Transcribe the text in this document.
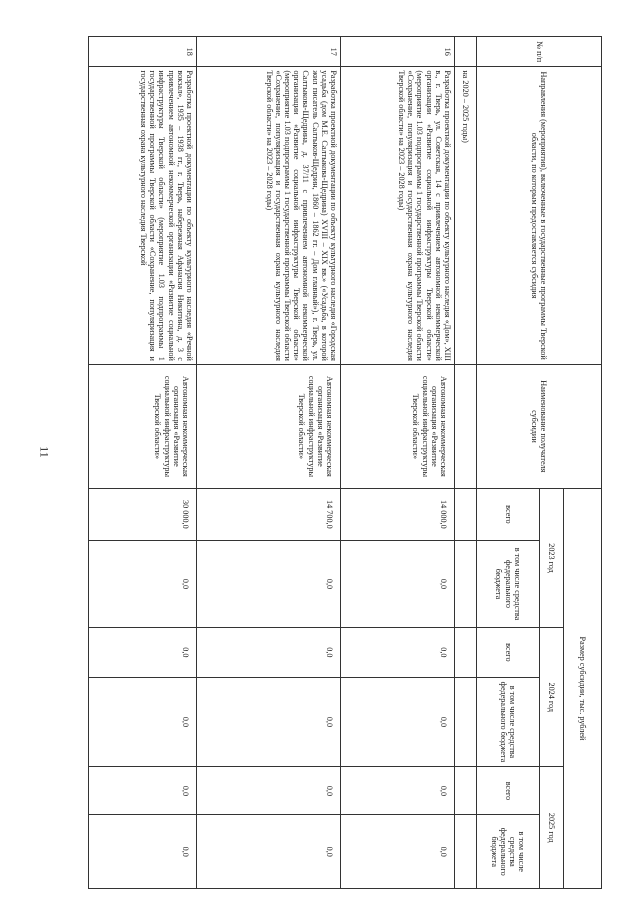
11
№ п/п	Направления (мероприятия), включенные в государственные программы Тверской области, по которым предоставляется субсидия	Наименование получателя субсидии	Размер субсидии, тыс. рублей					
			2023 год		2024 год		2025 год	
			всего	в том числе средства федерального бюджета	всего	в том числе средства федерального бюджета	всего	в том числе средства федерального бюджета
	на 2020 – 2025 годы)							
16	Разработка проектной документации по объекту культурного наследия «Дом», XIII в., г. Тверь, ул. Советская, 14 с привлечением автономной некоммерческой организации «Развитие социальной инфраструктуры Тверской области» (мероприятие 1.03 подпрограммы 1 государственной программы Тверской области «Сохранение, популяризация и государственная охрана культурного наследия Тверской области» на 2023 – 2028 годы)	Автономная некоммерческая организация «Развитие социальной инфраструктуры Тверской области»	14 000,0	0,0	0,0	0,0	0,0	0,0
17	Разработка проектной документации по объекту культурного наследия «Городская усадьба (дом М.Е. Салтыкова-Щедрина) XVIII – XIX вв.» («Усадьба, в которой жил писатель Салтыков-Щедрин, 1860 – 1862 гг. – Дом главный»), г. Тверь, ул. Салтыкова-Щедрина, д. 37/11 с привлечением автономной некоммерческой организации «Развитие социальной инфраструктуры Тверской области» (мероприятие 1.03 подпрограммы 1 государственной программы Тверской области «Сохранение, популяризация и государственная охрана культурного наследия Тверской области» на 2023 – 2028 годы)	Автономная некоммерческая организация «Развитие социальной инфраструктуры Тверской области»	14 700,0	0,0	0,0	0,0	0,0	0,0
18	Разработка проектной документации по объекту культурного наследия «Речной вокзал», 1935 – 1938 гг., г. Тверь, набережная Афанасия Никитина, д. 3 с привлечением автономной некоммерческой организации «Развитие социальной инфраструктуры Тверской области» (мероприятие 1.03 подпрограммы 1 государственной программы Тверской области «Сохранение, популяризация и государственная охрана культурного наследия Тверской	Автономная некоммерческая организация «Развитие социальной инфраструктуры Тверской области»	30 000,0	0,0	0,0	0,0	0,0	0,0
